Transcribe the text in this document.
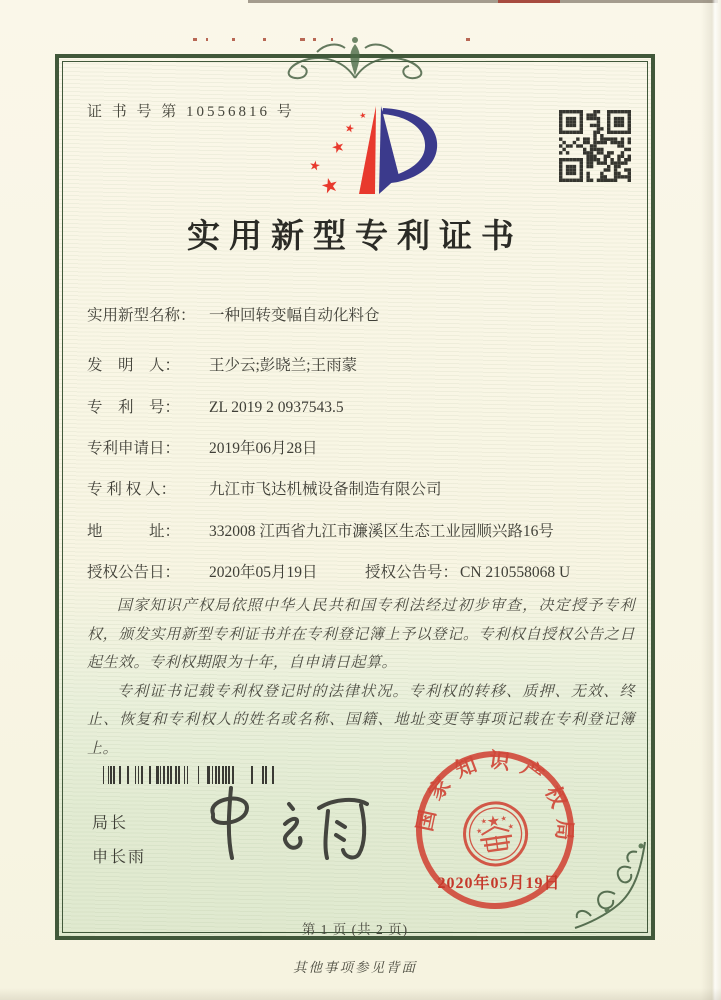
证 书 号 第 10556816 号
★
★
★
★
★
实用新型专利证书
实用新型名称： 一种回转变幅自动化料仓
发　明　人： 王少云;彭晓兰;王雨蒙
专　利　号： ZL 2019 2 0937543.5
专利申请日： 2019年06月28日
专 利 权 人： 九江市飞达机械设备制造有限公司
地　　　址： 332008 江西省九江市濂溪区生态工业园顺兴路16号
授权公告日： 2020年05月19日	授权公告号： CN 210558068 U

国家知识产权局依照中华人民共和国专利法经过初步审查，决定授予专利权，颁发实用新型专利证书并在专利登记簿上予以登记。专利权自授权公告之日起生效。专利权期限为十年，自申请日起算。

专利证书记载专利权登记时的法律状况。专利权的转移、质押、无效、终止、恢复和专利权人的姓名或名称、国籍、地址变更等事项记载在专利登记簿上。

局长
申长雨
国家知识产权局
★
★
★ ★
★
2020年05月19日
第 1 页 (共 2 页)
其他事项参见背面
